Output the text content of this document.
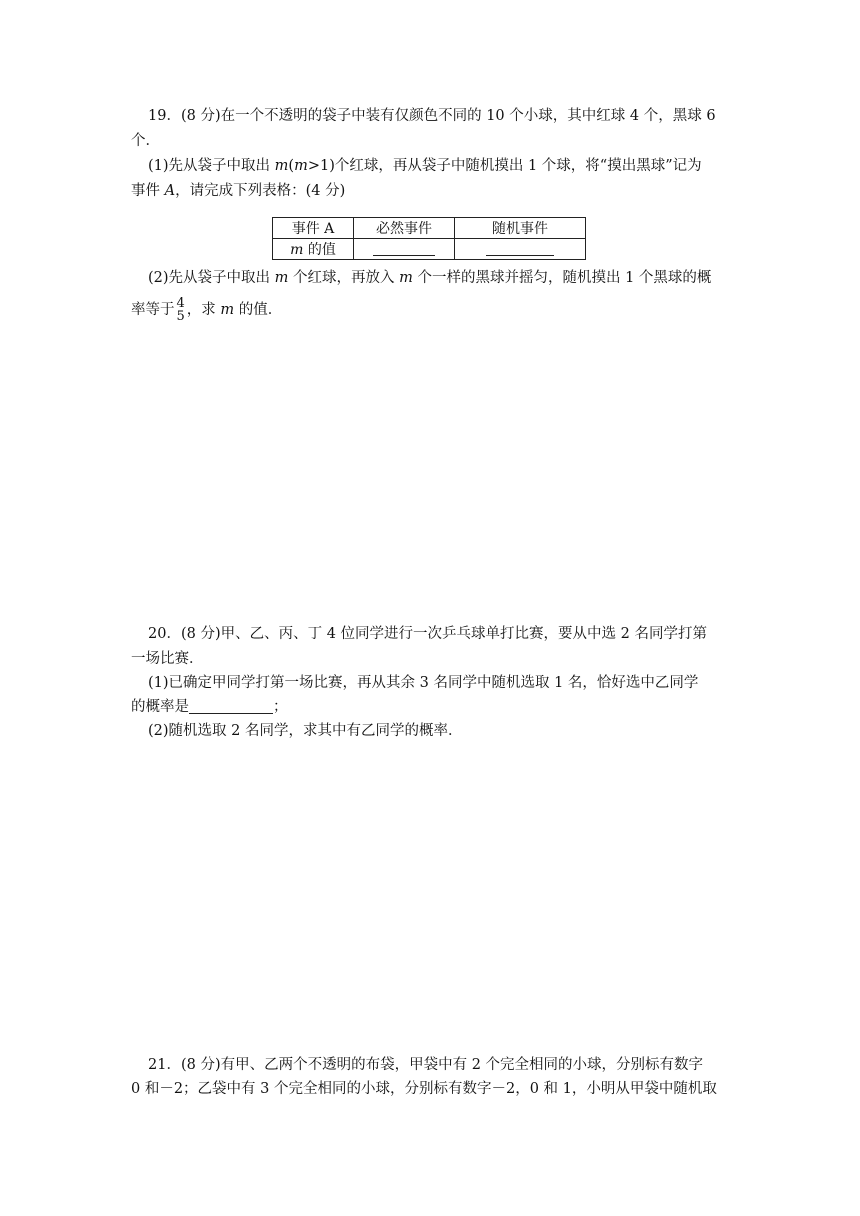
19．(8 分)在一个不透明的袋子中装有仅颜色不同的 10 个小球，其中红球 4 个，黑球 6
个．
(1)先从袋子中取出 m(m>1)个红球，再从袋子中随机摸出 1 个球，将“摸出黑球”记为
事件 A，请完成下列表格：(4 分)
事件 A	必然事件	随机事件
m 的值		
(2)先从袋子中取出 m 个红球，再放入 m 个一样的黑球并摇匀，随机摸出 1 个黑球的概
率等于 4
5 ，求 m 的值．
20．(8 分)甲、乙、丙、丁 4 位同学进行一次乒乓球单打比赛，要从中选 2 名同学打第
一场比赛．
(1)已确定甲同学打第一场比赛，再从其余 3 名同学中随机选取 1 名，恰好选中乙同学
的概率是	；
(2)随机选取 2 名同学，求其中有乙同学的概率．
21．(8 分)有甲、乙两个不透明的布袋，甲袋中有 2 个完全相同的小球，分别标有数字
0 和－2；乙袋中有 3 个完全相同的小球，分别标有数字－2，0 和 1，小明从甲袋中随机取
